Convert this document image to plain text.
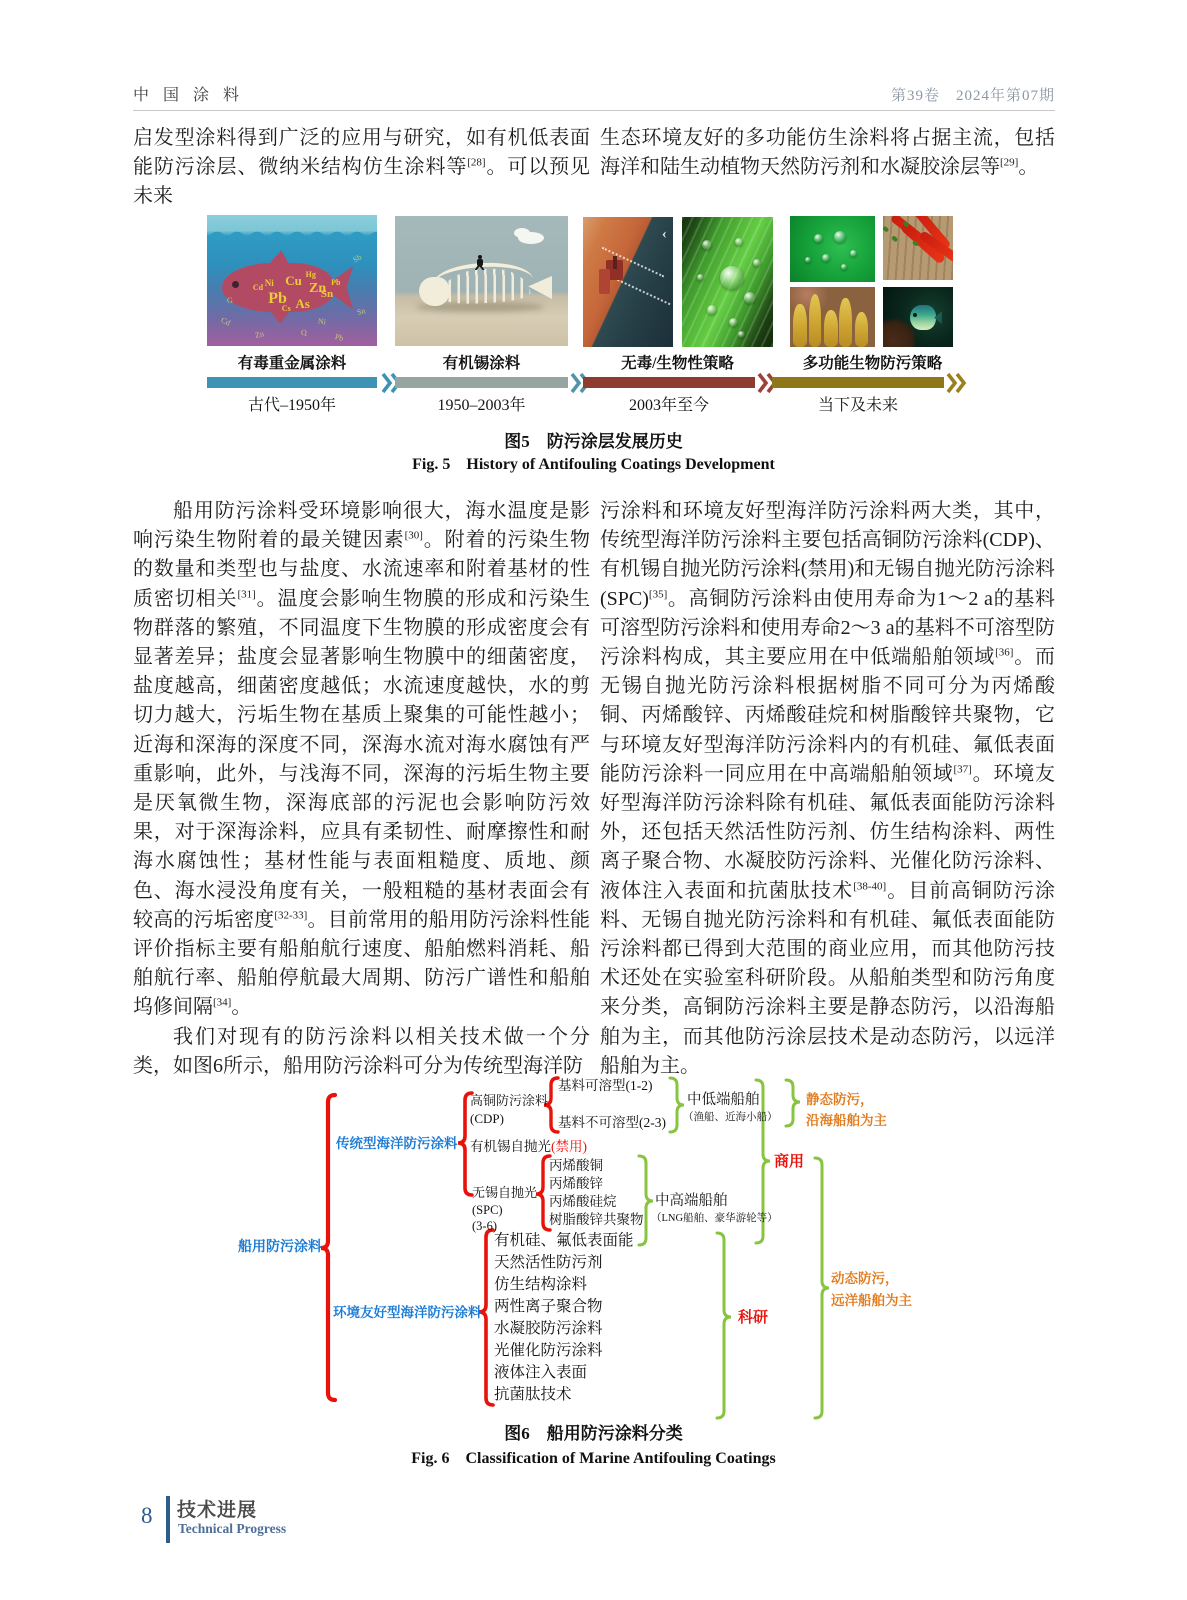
中 国 涂 料	第39卷　2024年第07期

启发型涂料得到广泛的应用与研究，如有机低表面能防污涂层、微纳米结构仿生涂料等[28]。可以预见未来

生态环境友好的多功能仿生涂料将占据主流，包括海洋和陆生动植物天然防污剂和水凝胶涂层等[29]。

Ni Cu
Zn
Pb As
Sn
Pb
Cd
Hg
Cs
Cd
Zn	Q	Pb
Sn
G
Sb
Ni
‹
有毒重金属涂料
古代–1950年
有机锡涂料
1950–2003年
无毒/生物性策略
2003年至今
多功能生物防污策略
当下及未来
图5　防污涂层发展历史
Fig. 5　History of Antifouling Coatings Development

船用防污涂料受环境影响很大，海水温度是影响污染生物附着的最关键因素[30]。附着的污染生物的数量和类型也与盐度、水流速率和附着基材的性质密切相关[31]。温度会影响生物膜的形成和污染生物群落的繁殖，不同温度下生物膜的形成密度会有显著差异；盐度会显著影响生物膜中的细菌密度，盐度越高，细菌密度越低；水流速度越快，水的剪切力越大，污垢生物在基质上聚集的可能性越小；近海和深海的深度不同，深海水流对海水腐蚀有严重影响，此外，与浅海不同，深海的污垢生物主要是厌氧微生物，深海底部的污泥也会影响防污效果，对于深海涂料，应具有柔韧性、耐摩擦性和耐海水腐蚀性；基材性能与表面粗糙度、质地、颜色、海水浸没角度有关，一般粗糙的基材表面会有较高的污垢密度[32-33]。目前常用的船用防污涂料性能评价指标主要有船舶航行速度、船舶燃料消耗、船舶航行率、船舶停航最大周期、防污广谱性和船舶坞修间隔[34]。

我们对现有的防污涂料以相关技术做一个分类，如图6所示，船用防污涂料可分为传统型海洋防

污涂料和环境友好型海洋防污涂料两大类，其中，传统型海洋防污涂料主要包括高铜防污涂料(CDP)、有机锡自抛光防污涂料(禁用)和无锡自抛光防污涂料(SPC)[35]。高铜防污涂料由使用寿命为1～2 a的基料可溶型防污涂料和使用寿命2～3 a的基料不可溶型防污涂料构成，其主要应用在中低端船舶领域[36]。而无锡自抛光防污涂料根据树脂不同可分为丙烯酸铜、丙烯酸锌、丙烯酸硅烷和树脂酸锌共聚物，它与环境友好型海洋防污涂料内的有机硅、氟低表面能防污涂料一同应用在中高端船舶领域[37]。环境友好型海洋防污涂料除有机硅、氟低表面能防污涂料外，还包括天然活性防污剂、仿生结构涂料、两性离子聚合物、水凝胶防污涂料、光催化防污涂料、液体注入表面和抗菌肽技术[38-40]。目前高铜防污涂料、无锡自抛光防污涂料和有机硅、氟低表面能防污涂料都已得到大范围的商业应用，而其他防污技术还处在实验室科研阶段。从船舶类型和防污角度来分类，高铜防污涂料主要是静态防污，以沿海船舶为主，而其他防污涂层技术是动态防污，以远洋船舶为主。

船用防污涂料
传统型海洋防污涂料
环境友好型海洋防污涂料
高铜防污涂料
(CDP)
基料可溶型(1-2)
基料不可溶型(2-3)
有机锡自抛光(禁用)
无锡自抛光
(SPC)
(3-6)
丙烯酸铜
丙烯酸锌
丙烯酸硅烷
树脂酸锌共聚物
中低端船舶
（渔船、近海小船）
中高端船舶
（LNG船舶、豪华游轮等）
有机硅、氟低表面能
天然活性防污剂
仿生结构涂料
两性离子聚合物
水凝胶防污涂料
光催化防污涂料
液体注入表面
抗菌肽技术
静态防污，
沿海船舶为主
商用
科研
动态防污，
远洋船舶为主
图6　船用防污涂料分类
Fig. 6　Classification of Marine Antifouling Coatings
8 技术进展
Technical Progress
